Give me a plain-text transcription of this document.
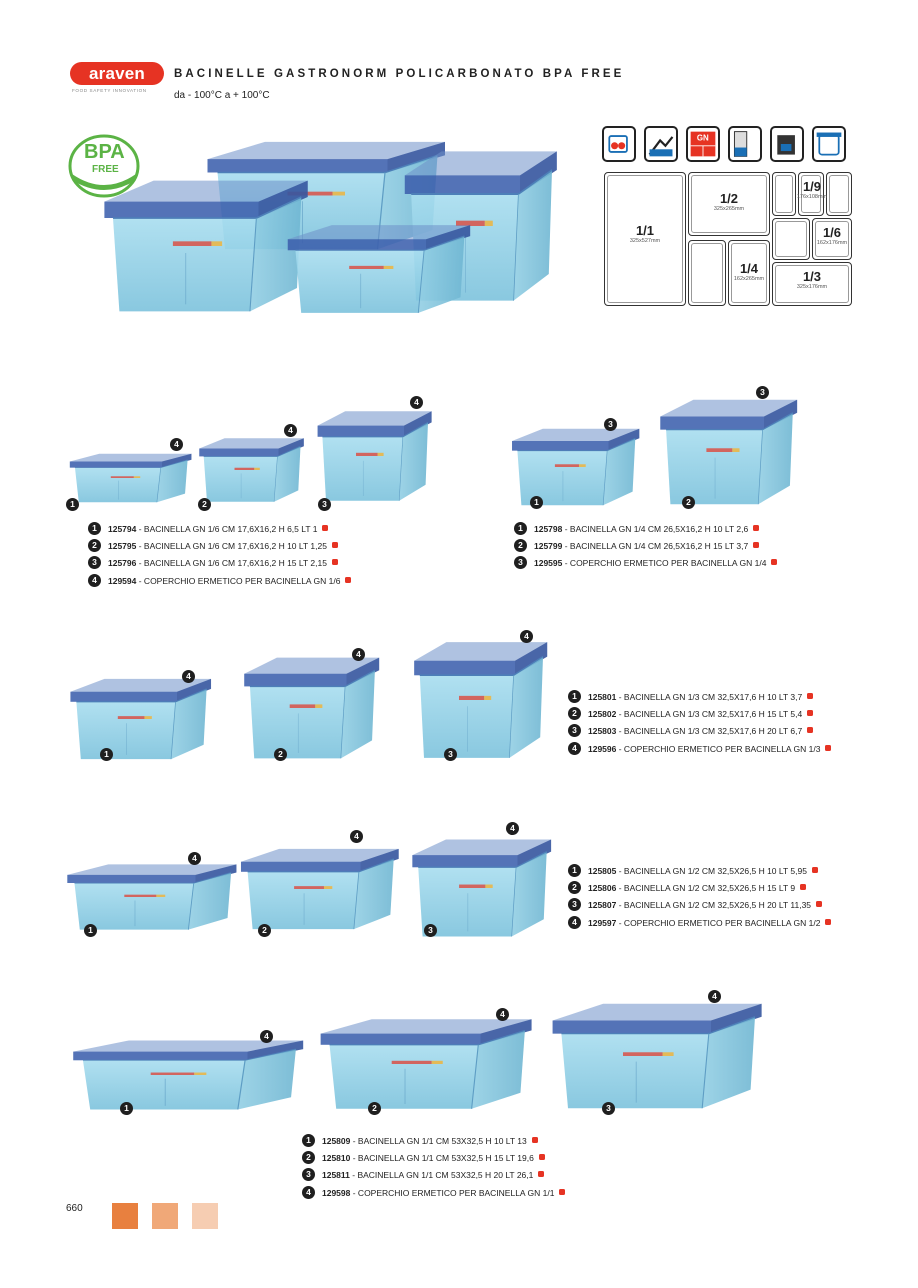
araven
FOOD SAFETY INNOVATION
BACINELLE GASTRONORM POLICARBONATO BPA FREE
da - 100°C a + 100°C
BPA
FREE
GN
1/1
325x527mm
1/2
325x265mm
1/4
162x265mm
1/9
176x108mm
1/6
162x176mm
1/3
325x176mm
1	2	3
4
4
4
1	125794 - BACINELLA GN 1/6 CM 17,6X16,2 H 6,5 LT 1
2	125795 - BACINELLA GN 1/6 CM 17,6X16,2 H 10 LT 1,25
3	125796 - BACINELLA GN 1/6 CM 17,6X16,2 H 15 LT 2,15
4	129594 - COPERCHIO ERMETICO PER BACINELLA GN 1/6
1	2
3
3
1	125798 - BACINELLA GN 1/4 CM 26,5X16,2 H 10 LT 2,6
2	125799 - BACINELLA GN 1/4 CM 26,5X16,2 H 15 LT 3,7
3	129595 - COPERCHIO ERMETICO PER BACINELLA GN 1/4
1	2	3
4
4
4
1	125801 - BACINELLA GN 1/3 CM 32,5X17,6 H 10 LT 3,7
2	125802 - BACINELLA GN 1/3 CM 32,5X17,6 H 15 LT 5,4
3	125803 - BACINELLA GN 1/3 CM 32,5X17,6 H 20 LT 6,7
4	129596 - COPERCHIO ERMETICO PER BACINELLA GN 1/3
1	2	3
4
4
4
1	125805 - BACINELLA GN 1/2 CM 32,5X26,5 H 10 LT 5,95
2	125806 - BACINELLA GN 1/2 CM 32,5X26,5 H 15 LT 9
3	125807 - BACINELLA GN 1/2 CM 32,5X26,5 H 20 LT 11,35
4	129597 - COPERCHIO ERMETICO PER BACINELLA GN 1/2
1	2	3
4
4
4
1	125809 - BACINELLA GN 1/1 CM 53X32,5 H 10 LT 13
2	125810 - BACINELLA GN 1/1 CM 53X32,5 H 15 LT 19,6
3	125811 - BACINELLA GN 1/1 CM 53X32,5 H 20 LT 26,1
4	129598 - COPERCHIO ERMETICO PER BACINELLA GN 1/1
660
